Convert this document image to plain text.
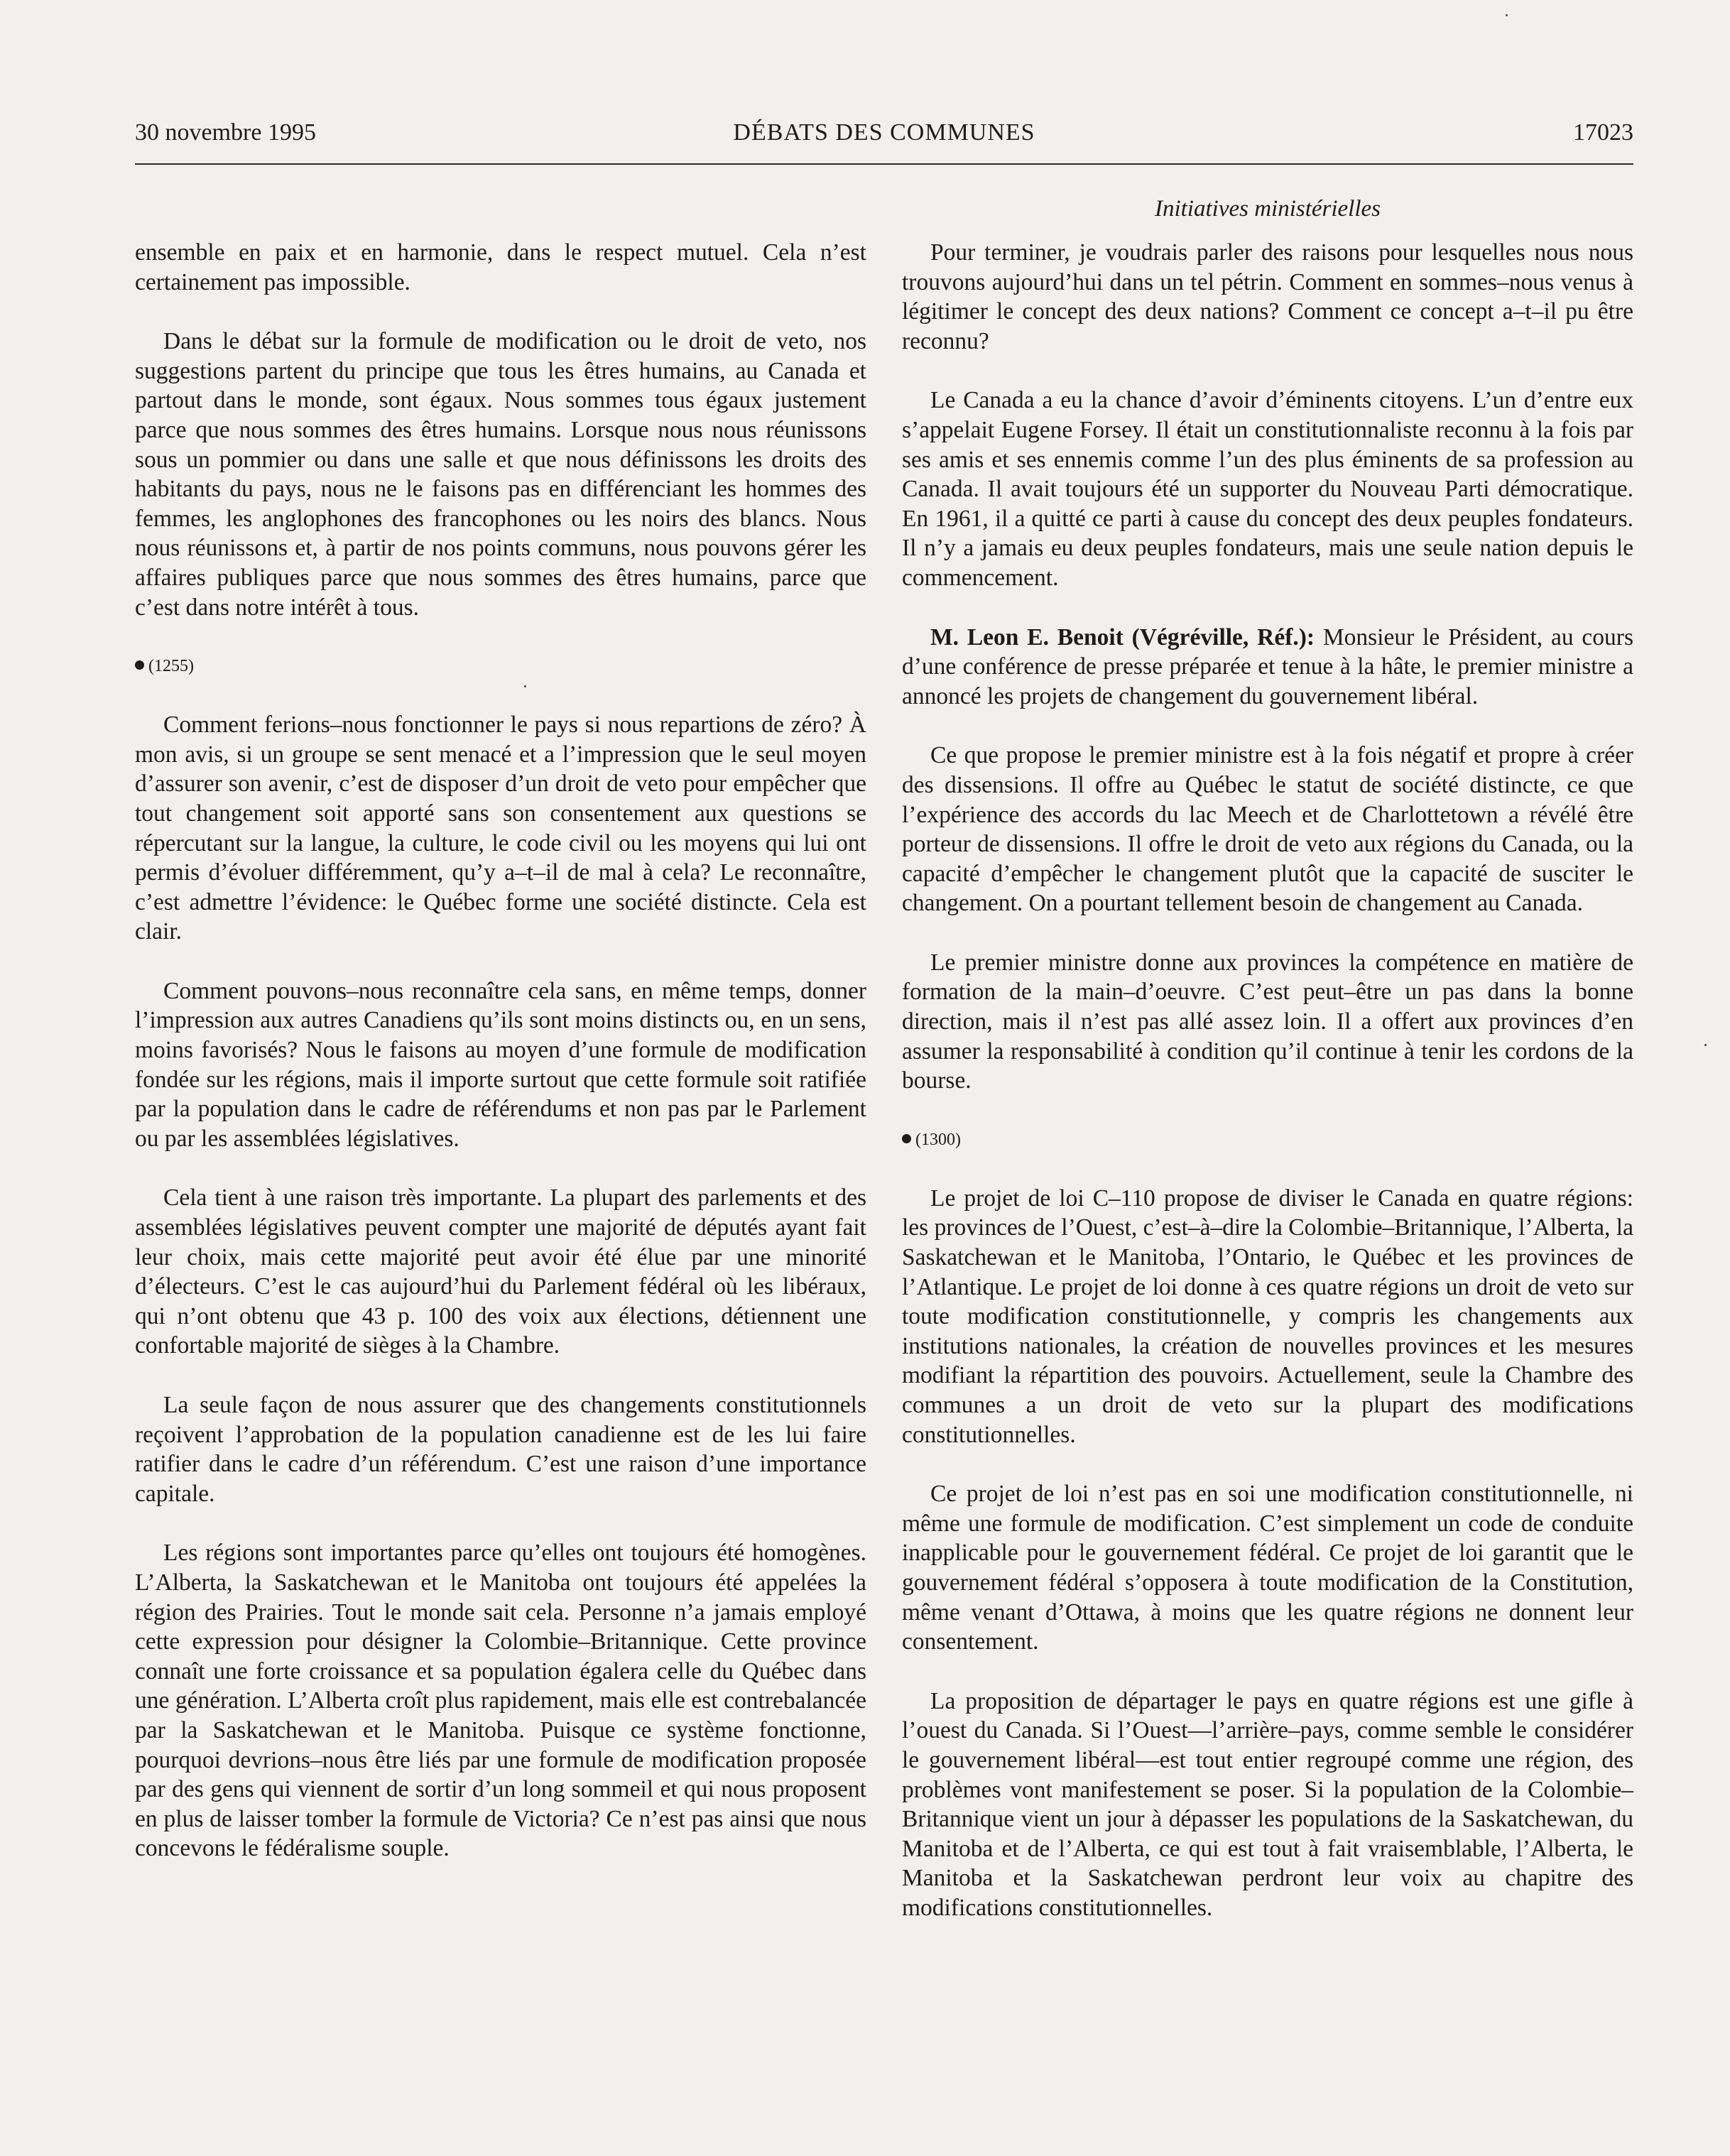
30 novembre 1995	DÉBATS DES COMMUNES	17023
Initiatives ministérielles

ensemble en paix et en harmonie, dans le respect mutuel. Cela n’est certainement pas impossible.

Dans le débat sur la formule de modification ou le droit de veto, nos suggestions partent du principe que tous les êtres humains, au Canada et partout dans le monde, sont égaux. Nous sommes tous égaux justement parce que nous sommes des êtres humains. Lorsque nous nous réunissons sous un pommier ou dans une salle et que nous définissons les droits des habitants du pays, nous ne le faisons pas en différenciant les hommes des femmes, les anglophones des francophones ou les noirs des blancs. Nous nous réunissons et, à partir de nos points communs, nous pouvons gérer les affaires publiques parce que nous sommes des êtres humains, parce que c’est dans notre intérêt à tous.

(1255)

Comment ferions–nous fonctionner le pays si nous repartions de zéro? À mon avis, si un groupe se sent menacé et a l’impression que le seul moyen d’assurer son avenir, c’est de disposer d’un droit de veto pour empêcher que tout changement soit apporté sans son consentement aux questions se répercutant sur la langue, la culture, le code civil ou les moyens qui lui ont permis d’évoluer différemment, qu’y a–t–il de mal à cela? Le reconnaître, c’est admettre l’évidence: le Québec forme une société distincte. Cela est clair.

Comment pouvons–nous reconnaître cela sans, en même temps, donner l’impression aux autres Canadiens qu’ils sont moins distincts ou, en un sens, moins favorisés? Nous le faisons au moyen d’une formule de modification fondée sur les régions, mais il importe surtout que cette formule soit ratifiée par la population dans le cadre de référendums et non pas par le Parlement ou par les assemblées législatives.

Cela tient à une raison très importante. La plupart des parlements et des assemblées législatives peuvent compter une majorité de députés ayant fait leur choix, mais cette majorité peut avoir été élue par une minorité d’électeurs. C’est le cas aujourd’hui du Parlement fédéral où les libéraux, qui n’ont obtenu que 43 p. 100 des voix aux élections, détiennent une confortable majorité de sièges à la Chambre.

La seule façon de nous assurer que des changements constitutionnels reçoivent l’approbation de la population canadienne est de les lui faire ratifier dans le cadre d’un référendum. C’est une raison d’une importance capitale.

Les régions sont importantes parce qu’elles ont toujours été homogènes. L’Alberta, la Saskatchewan et le Manitoba ont toujours été appelées la région des Prairies. Tout le monde sait cela. Personne n’a jamais employé cette expression pour désigner la Colombie–Britannique. Cette province connaît une forte croissance et sa population égalera celle du Québec dans une génération. L’Alberta croît plus rapidement, mais elle est contrebalancée par la Saskatchewan et le Manitoba. Puisque ce système fonctionne, pourquoi devrions–nous être liés par une formule de modification proposée par des gens qui viennent de sortir d’un long sommeil et qui nous proposent en plus de laisser tomber la formule de Victoria? Ce n’est pas ainsi que nous concevons le fédéralisme souple.

Pour terminer, je voudrais parler des raisons pour lesquelles nous nous trouvons aujourd’hui dans un tel pétrin. Comment en sommes–nous venus à légitimer le concept des deux nations? Comment ce concept a–t–il pu être reconnu?

Le Canada a eu la chance d’avoir d’éminents citoyens. L’un d’entre eux s’appelait Eugene Forsey. Il était un constitutionnaliste reconnu à la fois par ses amis et ses ennemis comme l’un des plus éminents de sa profession au Canada. Il avait toujours été un supporter du Nouveau Parti démocratique. En 1961, il a quitté ce parti à cause du concept des deux peuples fondateurs. Il n’y a jamais eu deux peuples fondateurs, mais une seule nation depuis le commencement.

M. Leon E. Benoit (Végréville, Réf.): Monsieur le Président, au cours d’une conférence de presse préparée et tenue à la hâte, le premier ministre a annoncé les projets de changement du gouvernement libéral.

Ce que propose le premier ministre est à la fois négatif et propre à créer des dissensions. Il offre au Québec le statut de société distincte, ce que l’expérience des accords du lac Meech et de Charlottetown a révélé être porteur de dissensions. Il offre le droit de veto aux régions du Canada, ou la capacité d’empêcher le changement plutôt que la capacité de susciter le changement. On a pourtant tellement besoin de changement au Canada.

Le premier ministre donne aux provinces la compétence en matière de formation de la main–d’oeuvre. C’est peut–être un pas dans la bonne direction, mais il n’est pas allé assez loin. Il a offert aux provinces d’en assumer la responsabilité à condition qu’il continue à tenir les cordons de la bourse.

(1300)

Le projet de loi C–110 propose de diviser le Canada en quatre régions: les provinces de l’Ouest, c’est–à–dire la Colombie–Britannique, l’Alberta, la Saskatchewan et le Manitoba, l’Ontario, le Québec et les provinces de l’Atlantique. Le projet de loi donne à ces quatre régions un droit de veto sur toute modification constitutionnelle, y compris les changements aux institutions nationales, la création de nouvelles provinces et les mesures modifiant la répartition des pouvoirs. Actuellement, seule la Chambre des communes a un droit de veto sur la plupart des modifications constitutionnelles.

Ce projet de loi n’est pas en soi une modification constitutionnelle, ni même une formule de modification. C’est simplement un code de conduite inapplicable pour le gouvernement fédéral. Ce projet de loi garantit que le gouvernement fédéral s’opposera à toute modification de la Constitution, même venant d’Ottawa, à moins que les quatre régions ne donnent leur consentement.

La proposition de départager le pays en quatre régions est une gifle à l’ouest du Canada. Si l’Ouest—l’arrière–pays, comme semble le considérer le gouvernement libéral—est tout entier regroupé comme une région, des problèmes vont manifestement se poser. Si la population de la Colombie–Britannique vient un jour à dépasser les populations de la Saskatchewan, du Manitoba et de l’Alberta, ce qui est tout à fait vraisemblable, l’Alberta, le Manitoba et la Saskatchewan perdront leur voix au chapitre des modifications constitutionnelles.
